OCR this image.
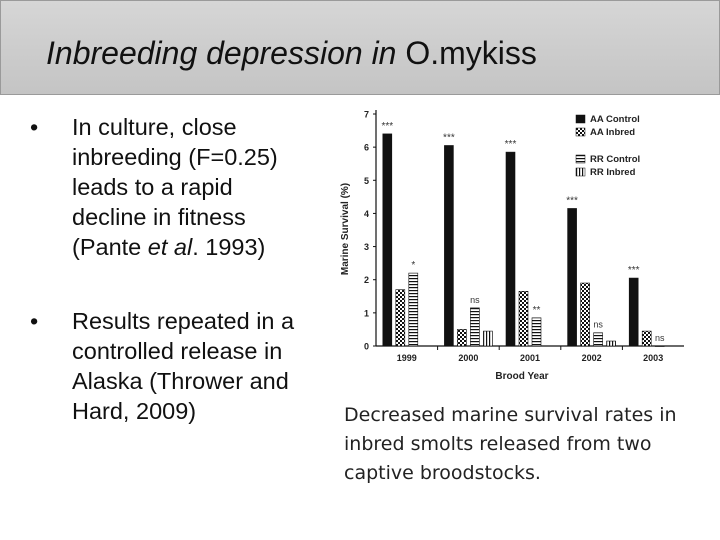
Inbreeding depression in O.mykiss
• In culture, close inbreeding (F=0.25) leads to a rapid decline in fitness (Pante et al. 1993)
• Results repeated in a controlled release in Alaska (Thrower and Hard, 2009)
Marine Survival (%)
Brood Year
0
1
2
3
4
5
6
7
1999
***
*
2000
***
ns
2001
***
**
2002
***
ns
2003
***
ns
AA Control
AA Inbred
RR Control
RR Inbred
Decreased marine survival rates in inbred smolts released from two captive broodstocks.
